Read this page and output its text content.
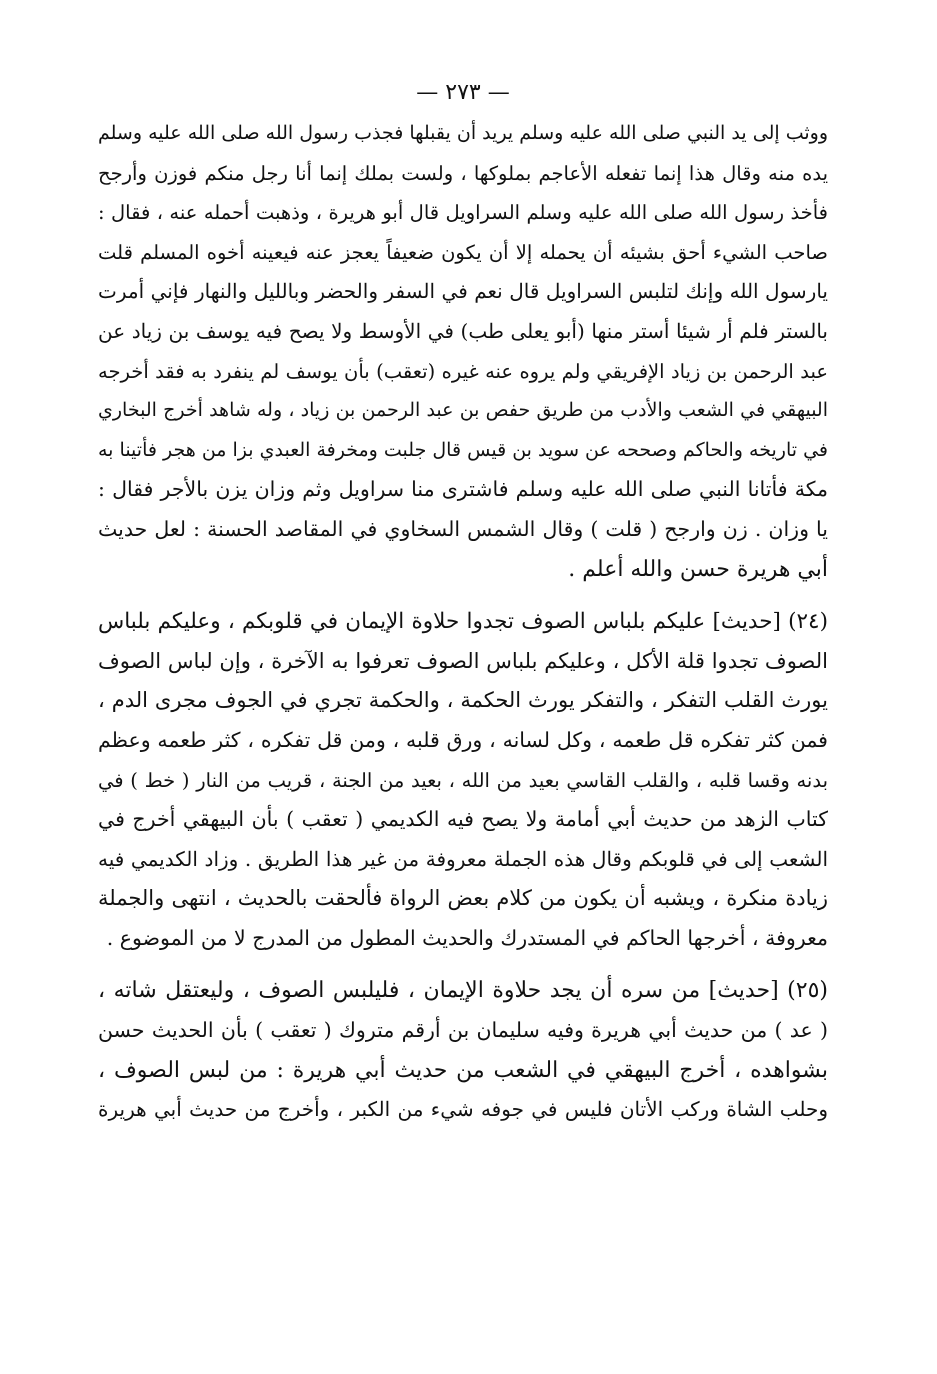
— ٢٧٣ —
ووثب إلى يد النبي صلى الله عليه وسلم يريد أن يقبلها فجذب رسول الله صلى الله عليه وسلم
يده منه وقال هذا إنما تفعله الأعاجم بملوكها ، ولست بملك إنما أنا رجل منكم فوزن وأرجح
فأخذ رسول الله صلى الله عليه وسلم السراويل قال أبو هريرة ، وذهبت أحمله عنه ، فقال :
صاحب الشيء أحق بشيئه أن يحمله إلا أن يكون ضعيفاً يعجز عنه فيعينه أخوه المسلم قلت
يارسول الله وإنك لتلبس السراويل قال نعم في السفر والحضر وبالليل والنهار فإني أمرت
بالستر فلم أر شيئا أستر منها (أبو يعلى طب) في الأوسط ولا يصح فيه يوسف بن زياد عن
عبد الرحمن بن زياد الإفريقي ولم يروه عنه غيره (تعقب) بأن يوسف لم ينفرد به فقد أخرجه
البيهقي في الشعب والأدب من طريق حفص بن عبد الرحمن بن زياد ، وله شاهد أخرج البخاري
في تاريخه والحاكم وصححه عن سويد بن قيس قال جلبت ومخرفة العبدي بزا من هجر فأتينا به
مكة فأتانا النبي صلى الله عليه وسلم فاشترى منا سراويل وثم وزان يزن بالأجر فقال :
يا وزان . زن وارجح ( قلت ) وقال الشمس السخاوي في المقاصد الحسنة : لعل حديث
أبي هريرة حسن والله أعلم .
(٢٤) [حديث] عليكم بلباس الصوف تجدوا حلاوة الإيمان في قلوبكم ، وعليكم بلباس
الصوف تجدوا قلة الأكل ، وعليكم بلباس الصوف تعرفوا به الآخرة ، وإن لباس الصوف
يورث القلب التفكر ، والتفكر يورث الحكمة ، والحكمة تجري في الجوف مجرى الدم ،
فمن كثر تفكره قل طعمه ، وكل لسانه ، ورق قلبه ، ومن قل تفكره ، كثر طعمه وعظم
بدنه وقسا قلبه ، والقلب القاسي بعيد من الله ، بعيد من الجنة ، قريب من النار ( خط ) في
كتاب الزهد من حديث أبي أمامة ولا يصح فيه الكديمي ( تعقب ) بأن البيهقي أخرج في
الشعب إلى في قلوبكم وقال هذه الجملة معروفة من غير هذا الطريق . وزاد الكديمي فيه
زيادة منكرة ، ويشبه أن يكون من كلام بعض الرواة فألحقت بالحديث ، انتهى والجملة
معروفة ، أخرجها الحاكم في المستدرك والحديث المطول من المدرج لا من الموضوع .
(٢٥) [حديث] من سره أن يجد حلاوة الإيمان ، فليلبس الصوف ، وليعتقل شاته ،
( عد ) من حديث أبي هريرة وفيه سليمان بن أرقم متروك ( تعقب ) بأن الحديث حسن
بشواهده ، أخرج البيهقي في الشعب من حديث أبي هريرة : من لبس الصوف ،
وحلب الشاة وركب الأتان فليس في جوفه شيء من الكبر ، وأخرج من حديث أبي هريرة
